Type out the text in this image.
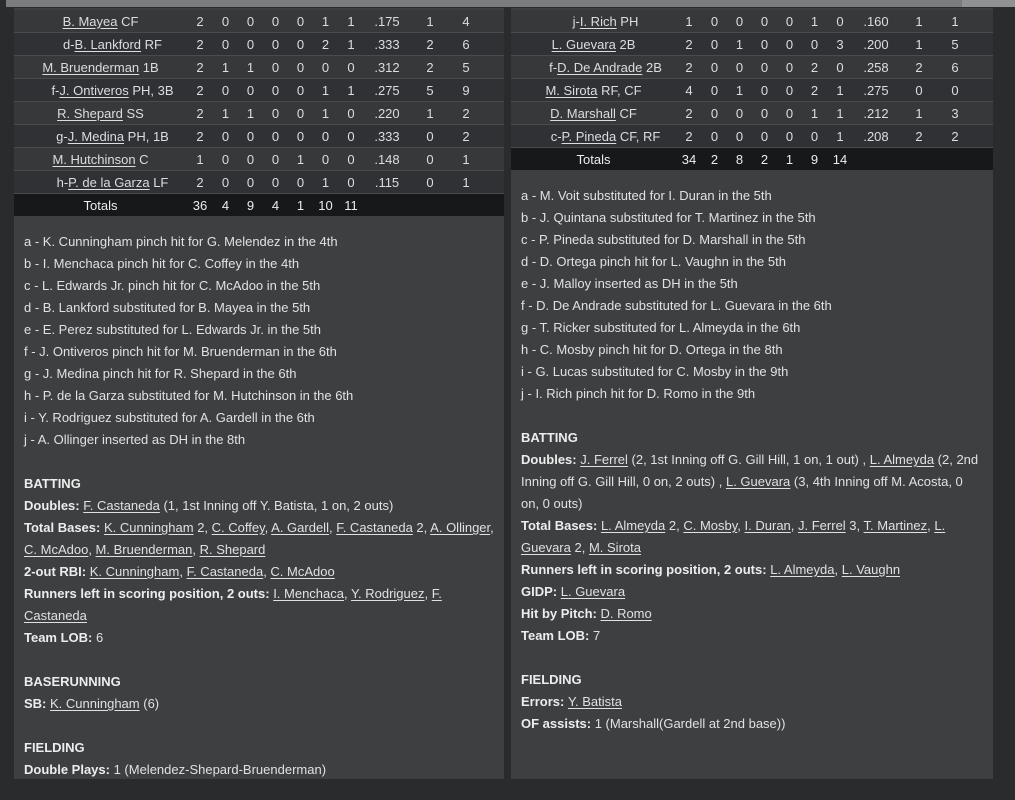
B. Mayea CF	2	0	0	0	0	1	1	.175	1	4	
d-B. Lankford RF	2	0	0	0	0	2	1	.333	2	6	
M. Bruenderman 1B	2	1	1	0	0	0	0	.312	2	5	
f-J. Ontiveros PH, 3B	2	0	0	0	0	1	1	.275	5	9	
R. Shepard SS	2	1	1	0	0	1	0	.220	1	2	
g-J. Medina PH, 1B	2	0	0	0	0	0	0	.333	0	2	
M. Hutchinson C	1	0	0	0	1	0	0	.148	0	1	
h-P. de la Garza LF	2	0	0	0	0	1	0	.115	0	1	
Totals	36	4	9	4	1	10	11				
a - K. Cunningham pinch hit for G. Melendez in the 4th
b - I. Menchaca pinch hit for C. Coffey in the 4th
c - L. Edwards Jr. pinch hit for C. McAdoo in the 5th
d - B. Lankford substituted for B. Mayea in the 5th
e - E. Perez substituted for L. Edwards Jr. in the 5th
f - J. Ontiveros pinch hit for M. Bruenderman in the 6th
g - J. Medina pinch hit for R. Shepard in the 6th
h - P. de la Garza substituted for M. Hutchinson in the 6th
i - Y. Rodriguez substituted for A. Gardell in the 6th
j - A. Ollinger inserted as DH in the 8th
BATTING
Doubles: F. Castaneda (1, 1st Inning off Y. Batista, 1 on, 2 outs)
Total Bases: K. Cunningham 2, C. Coffey, A. Gardell, F. Castaneda 2, A. Ollinger, C. McAdoo, M. Bruenderman, R. Shepard
2-out RBI: K. Cunningham, F. Castaneda, C. McAdoo
Runners left in scoring position, 2 outs: I. Menchaca, Y. Rodriguez, F. Castaneda
Team LOB: 6
BASERUNNING
SB: K. Cunningham (6)
FIELDING
Double Plays: 1 (Melendez-Shepard-Bruenderman)
j-I. Rich PH	1	0	0	0	0	1	0	.160	1	1	
L. Guevara 2B	2	0	1	0	0	0	3	.200	1	5	
f-D. De Andrade 2B	2	0	0	0	0	2	0	.258	2	6	
M. Sirota RF, CF	4	0	1	0	0	2	1	.275	0	0	
D. Marshall CF	2	0	0	0	0	1	1	.212	1	3	
c-P. Pineda CF, RF	2	0	0	0	0	0	1	.208	2	2	
Totals	34	2	8	2	1	9	14				
a - M. Voit substituted for I. Duran in the 5th
b - J. Quintana substituted for T. Martinez in the 5th
c - P. Pineda substituted for D. Marshall in the 5th
d - D. Ortega pinch hit for L. Vaughn in the 5th
e - J. Malloy inserted as DH in the 5th
f - D. De Andrade substituted for L. Guevara in the 6th
g - T. Ricker substituted for L. Almeyda in the 6th
h - C. Mosby pinch hit for D. Ortega in the 8th
i - G. Lucas substituted for C. Mosby in the 9th
j - I. Rich pinch hit for D. Romo in the 9th
BATTING
Doubles: J. Ferrel (2, 1st Inning off G. Gill Hill, 1 on, 1 out) , L. Almeyda (2, 2nd Inning off G. Gill Hill, 0 on, 2 outs) , L. Guevara (3, 4th Inning off M. Acosta, 0 on, 0 outs)
Total Bases: L. Almeyda 2, C. Mosby, I. Duran, J. Ferrel 3, T. Martinez, L. Guevara 2, M. Sirota
Runners left in scoring position, 2 outs: L. Almeyda, L. Vaughn
GIDP: L. Guevara
Hit by Pitch: D. Romo
Team LOB: 7
FIELDING
Errors: Y. Batista
OF assists: 1 (Marshall(Gardell at 2nd base))
